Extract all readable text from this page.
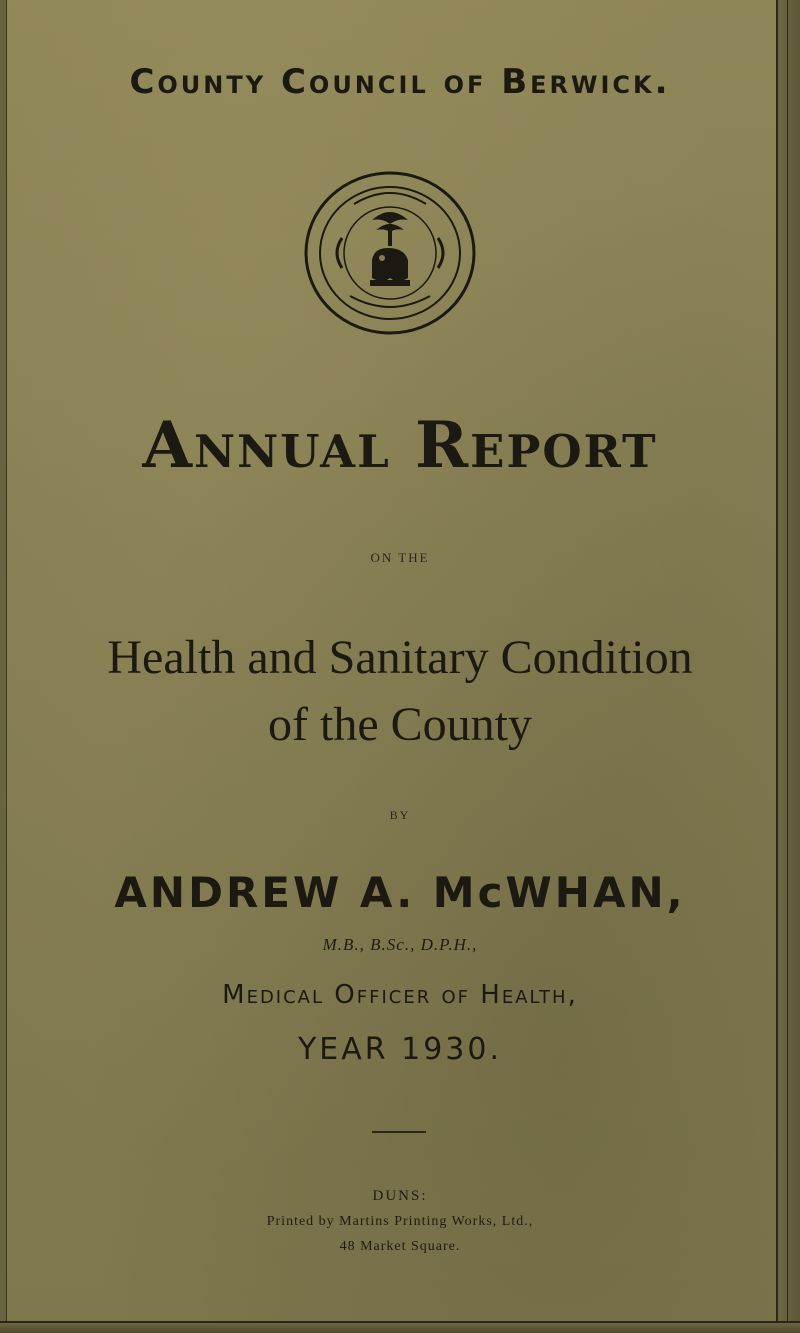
County Council of Berwick.
Annual Report

ON THE

Health and Sanitary Condition

of the County

BY

ANDREW A. McWHAN,

M.B., B.Sc., D.P.H.,

Medical Officer of Health,

YEAR 1930.

DUNS:

Printed by Martins Printing Works, Ltd.,

48 Market Square.
